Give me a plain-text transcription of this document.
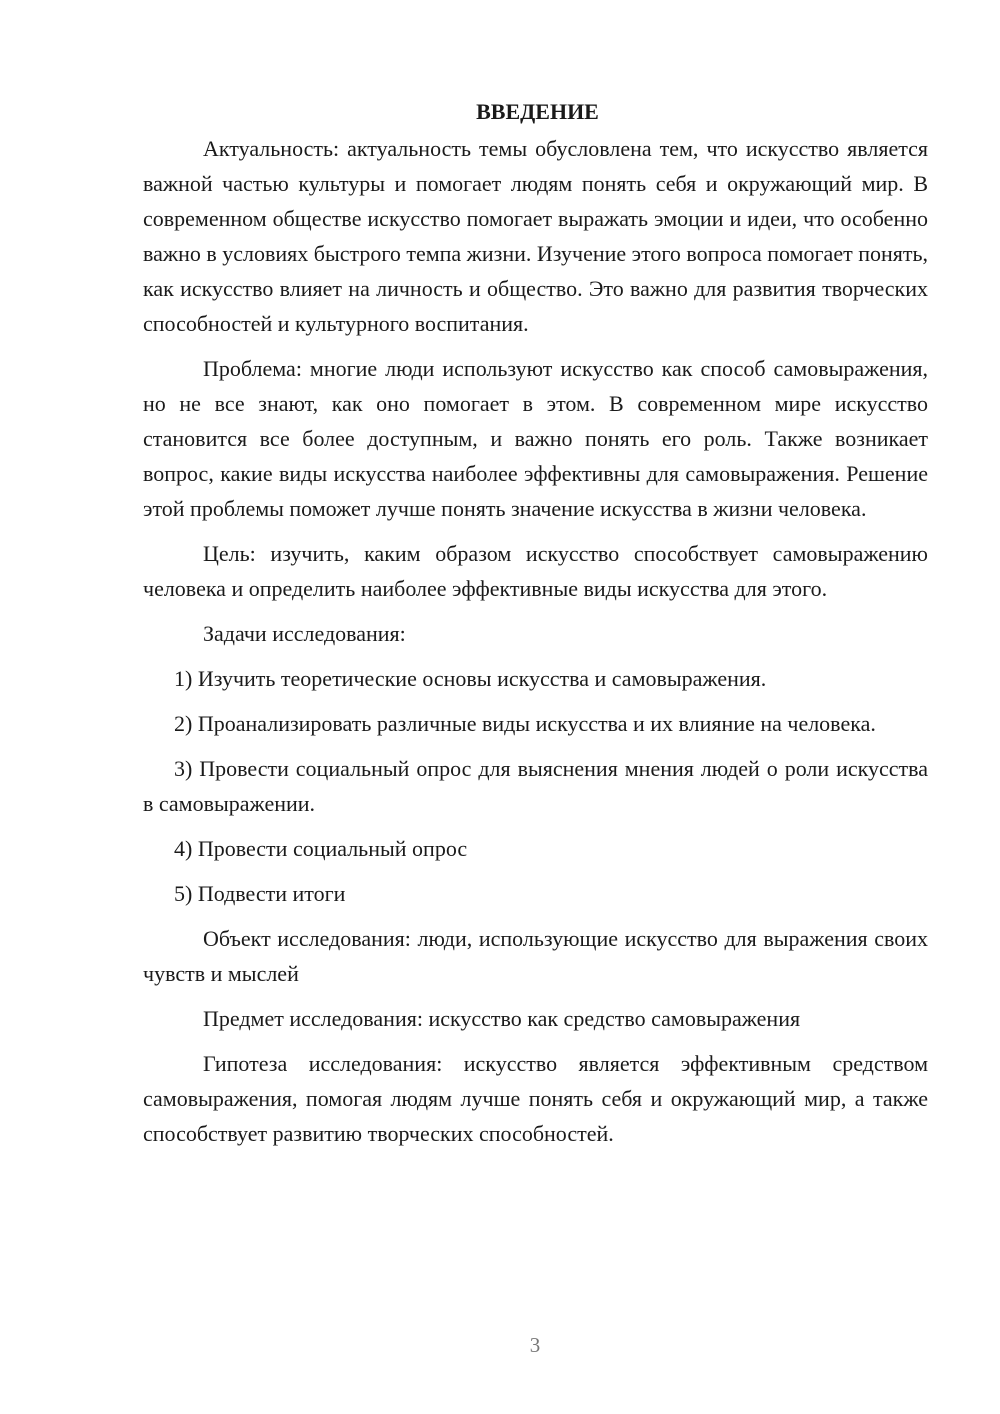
ВВЕДЕНИЕ

Актуальность: актуальность темы обусловлена тем, что искусство является важной частью культуры и помогает людям понять себя и окружающий мир. В современном обществе искусство помогает выражать эмоции и идеи, что особенно важно в условиях быстрого темпа жизни. Изучение этого вопроса помогает понять, как искусство влияет на личность и общество. Это важно для развития творческих способностей и культурного воспитания.

Проблема: многие люди используют искусство как способ самовыражения, но не все знают, как оно помогает в этом. В современном мире искусство становится все более доступным, и важно понять его роль. Также возникает вопрос, какие виды искусства наиболее эффективны для самовыражения. Решение этой проблемы поможет лучше понять значение искусства в жизни человека.

Цель: изучить, каким образом искусство способствует самовыражению человека и определить наиболее эффективные виды искусства для этого.

Задачи исследования:

1) Изучить теоретические основы искусства и самовыражения.

2) Проанализировать различные виды искусства и их влияние на человека.

3) Провести социальный опрос для выяснения мнения людей о роли искусства в самовыражении.

4) Провести социальный опрос

5) Подвести итоги

Объект исследования: люди, использующие искусство для выражения своих чувств и мыслей

Предмет исследования: искусство как средство самовыражения

Гипотеза исследования: искусство является эффективным средством самовыражения, помогая людям лучше понять себя и окружающий мир, а также способствует развитию творческих способностей.

3
